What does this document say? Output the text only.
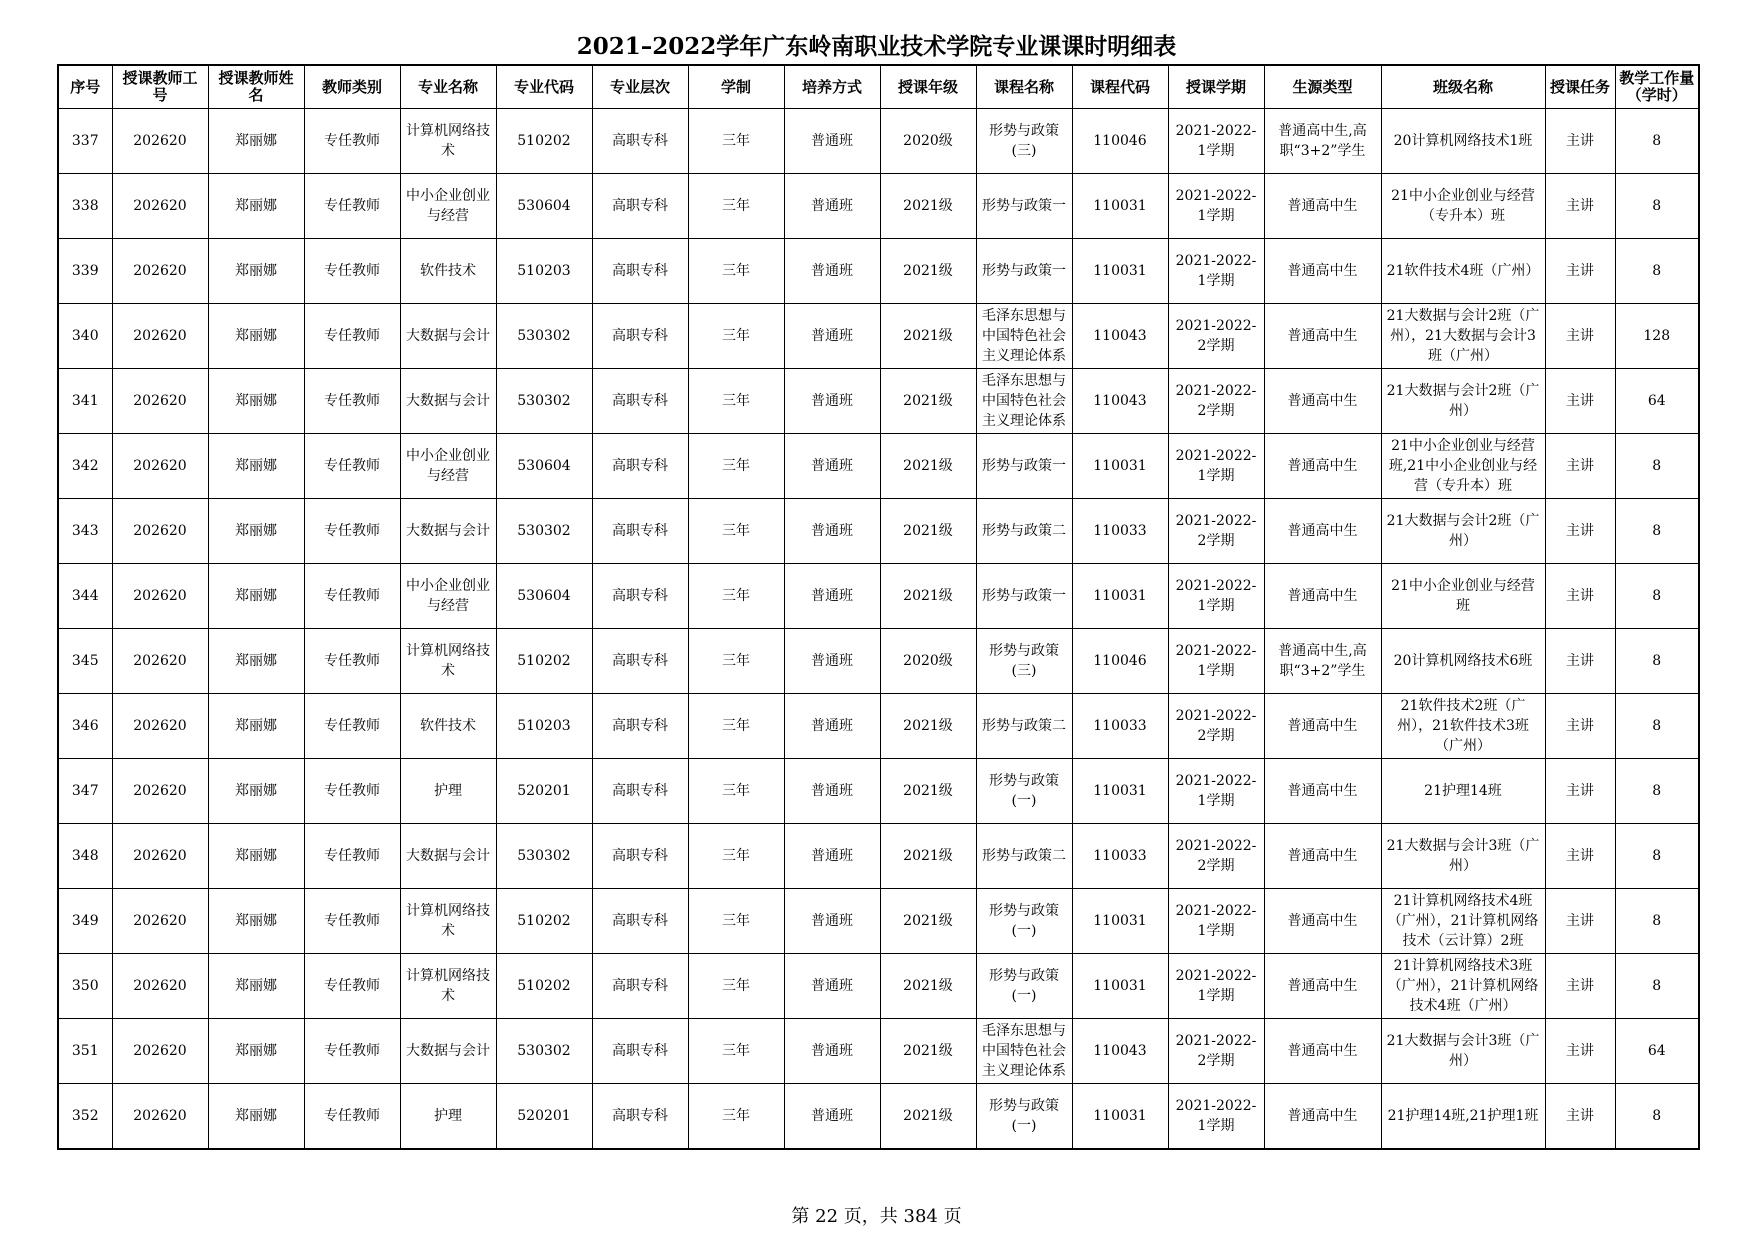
2021–2022学年广东岭南职业技术学院专业课课时明细表
序号	授课教师工号	授课教师姓名	教师类别	专业名称	专业代码	专业层次	学制	培养方式	授课年级	课程名称	课程代码	授课学期	生源类型	班级名称	授课任务	教学工作量（学时）

337	202620	郑丽娜	专任教师	计算机网络技术	510202	高职专科	三年	普通班	2020级	形势与政策(三)	110046	2021-2022-1学期	普通高中生,高职“3+2”学生	20计算机网络技术1班	主讲	8

338	202620	郑丽娜	专任教师	中小企业创业与经营	530604	高职专科	三年	普通班	2021级	形势与政策一	110031	2021-2022-1学期	普通高中生	21中小企业创业与经营（专升本）班	主讲	8

339	202620	郑丽娜	专任教师	软件技术	510203	高职专科	三年	普通班	2021级	形势与政策一	110031	2021-2022-1学期	普通高中生	21软件技术4班（广州）	主讲	8

340	202620	郑丽娜	专任教师	大数据与会计	530302	高职专科	三年	普通班	2021级	毛泽东思想与中国特色社会主义理论体系	110043	2021-2022-2学期	普通高中生	21大数据与会计2班（广州），21大数据与会计3班（广州）	主讲	128

341	202620	郑丽娜	专任教师	大数据与会计	530302	高职专科	三年	普通班	2021级	毛泽东思想与中国特色社会主义理论体系	110043	2021-2022-2学期	普通高中生	21大数据与会计2班（广州）	主讲	64

342	202620	郑丽娜	专任教师	中小企业创业与经营	530604	高职专科	三年	普通班	2021级	形势与政策一	110031	2021-2022-1学期	普通高中生	21中小企业创业与经营班,21中小企业创业与经营（专升本）班	主讲	8

343	202620	郑丽娜	专任教师	大数据与会计	530302	高职专科	三年	普通班	2021级	形势与政策二	110033	2021-2022-2学期	普通高中生	21大数据与会计2班（广州）	主讲	8

344	202620	郑丽娜	专任教师	中小企业创业与经营	530604	高职专科	三年	普通班	2021级	形势与政策一	110031	2021-2022-1学期	普通高中生	21中小企业创业与经营班	主讲	8

345	202620	郑丽娜	专任教师	计算机网络技术	510202	高职专科	三年	普通班	2020级	形势与政策(三)	110046	2021-2022-1学期	普通高中生,高职“3+2”学生	20计算机网络技术6班	主讲	8

346	202620	郑丽娜	专任教师	软件技术	510203	高职专科	三年	普通班	2021级	形势与政策二	110033	2021-2022-2学期	普通高中生	21软件技术2班（广州），21软件技术3班（广州）	主讲	8

347	202620	郑丽娜	专任教师	护理	520201	高职专科	三年	普通班	2021级	形势与政策(一)	110031	2021-2022-1学期	普通高中生	21护理14班	主讲	8

348	202620	郑丽娜	专任教师	大数据与会计	530302	高职专科	三年	普通班	2021级	形势与政策二	110033	2021-2022-2学期	普通高中生	21大数据与会计3班（广州）	主讲	8

349	202620	郑丽娜	专任教师	计算机网络技术	510202	高职专科	三年	普通班	2021级	形势与政策(一)	110031	2021-2022-1学期	普通高中生	21计算机网络技术4班（广州），21计算机网络技术（云计算）2班	主讲	8

350	202620	郑丽娜	专任教师	计算机网络技术	510202	高职专科	三年	普通班	2021级	形势与政策(一)	110031	2021-2022-1学期	普通高中生	21计算机网络技术3班（广州），21计算机网络技术4班（广州）	主讲	8

351	202620	郑丽娜	专任教师	大数据与会计	530302	高职专科	三年	普通班	2021级	毛泽东思想与中国特色社会主义理论体系	110043	2021-2022-2学期	普通高中生	21大数据与会计3班（广州）	主讲	64

352	202620	郑丽娜	专任教师	护理	520201	高职专科	三年	普通班	2021级	形势与政策(一)	110031	2021-2022-1学期	普通高中生	21护理14班,21护理1班	主讲	8
第 22 页，共 384 页
